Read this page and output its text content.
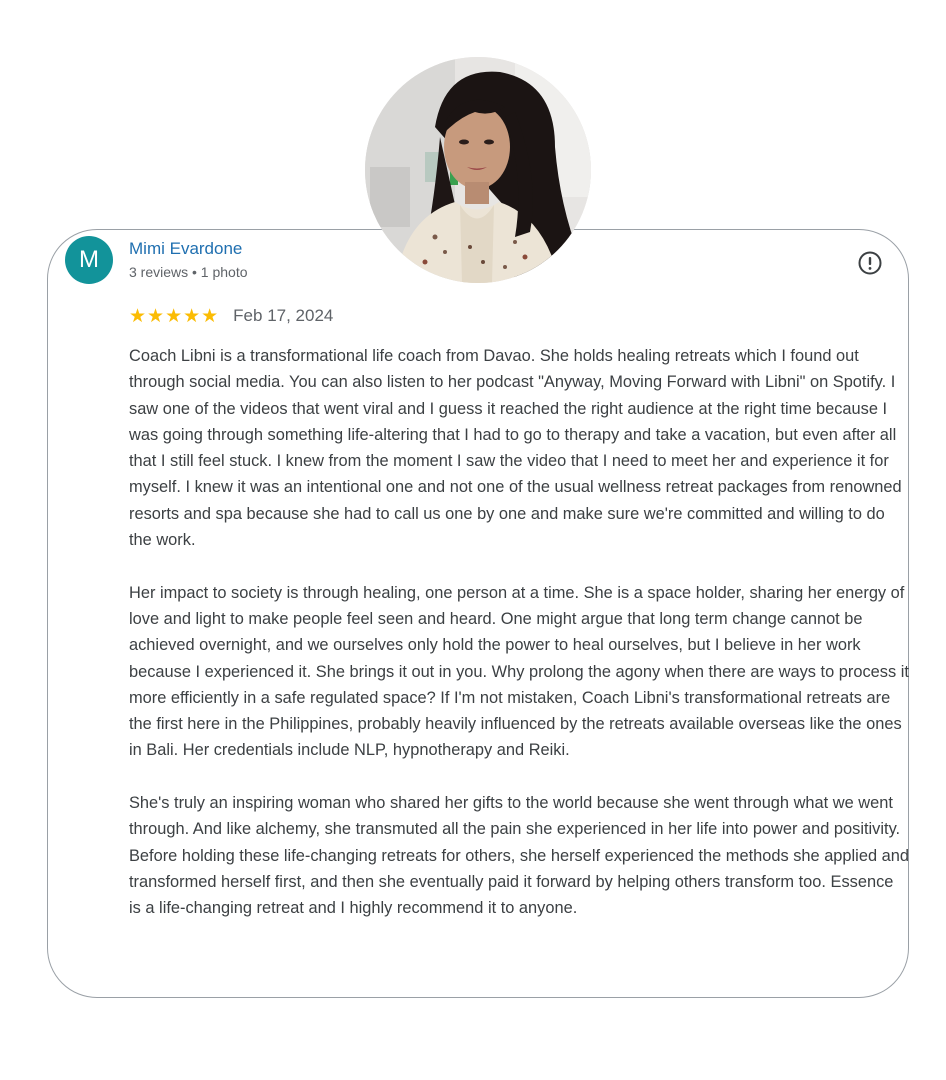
M	Mimi Evardone
3 reviews • 1 photo
★★★★★ Feb 17, 2024

Coach Libni is a transformational life coach from Davao. She holds healing retreats which I found out through social media. You can also listen to her podcast "Anyway, Moving Forward with Libni" on Spotify. I saw one of the videos that went viral and I guess it reached the right audience at the right time because I was going through something life-altering that I had to go to therapy and take a vacation, but even after all that I still feel stuck. I knew from the moment I saw the video that I need to meet her and experience it for myself. I knew it was an intentional one and not one of the usual wellness retreat packages from renowned resorts and spa because she had to call us one by one and make sure we're committed and willing to do the work.

Her impact to society is through healing, one person at a time. She is a space holder, sharing her energy of love and light to make people feel seen and heard. One might argue that long term change cannot be achieved overnight, and we ourselves only hold the power to heal ourselves, but I believe in her work because I experienced it. She brings it out in you. Why prolong the agony when there are ways to process it more efficiently in a safe regulated space? If I'm not mistaken, Coach Libni's transformational retreats are the first here in the Philippines, probably heavily influenced by the retreats available overseas like the ones in Bali. Her credentials include NLP, hypnotherapy and Reiki.

She's truly an inspiring woman who shared her gifts to the world because she went through what we went through. And like alchemy, she transmuted all the pain she experienced in her life into power and positivity. Before holding these life-changing retreats for others, she herself experienced the methods she applied and transformed herself first, and then she eventually paid it forward by helping others transform too. Essence is a life-changing retreat and I highly recommend it to anyone.
